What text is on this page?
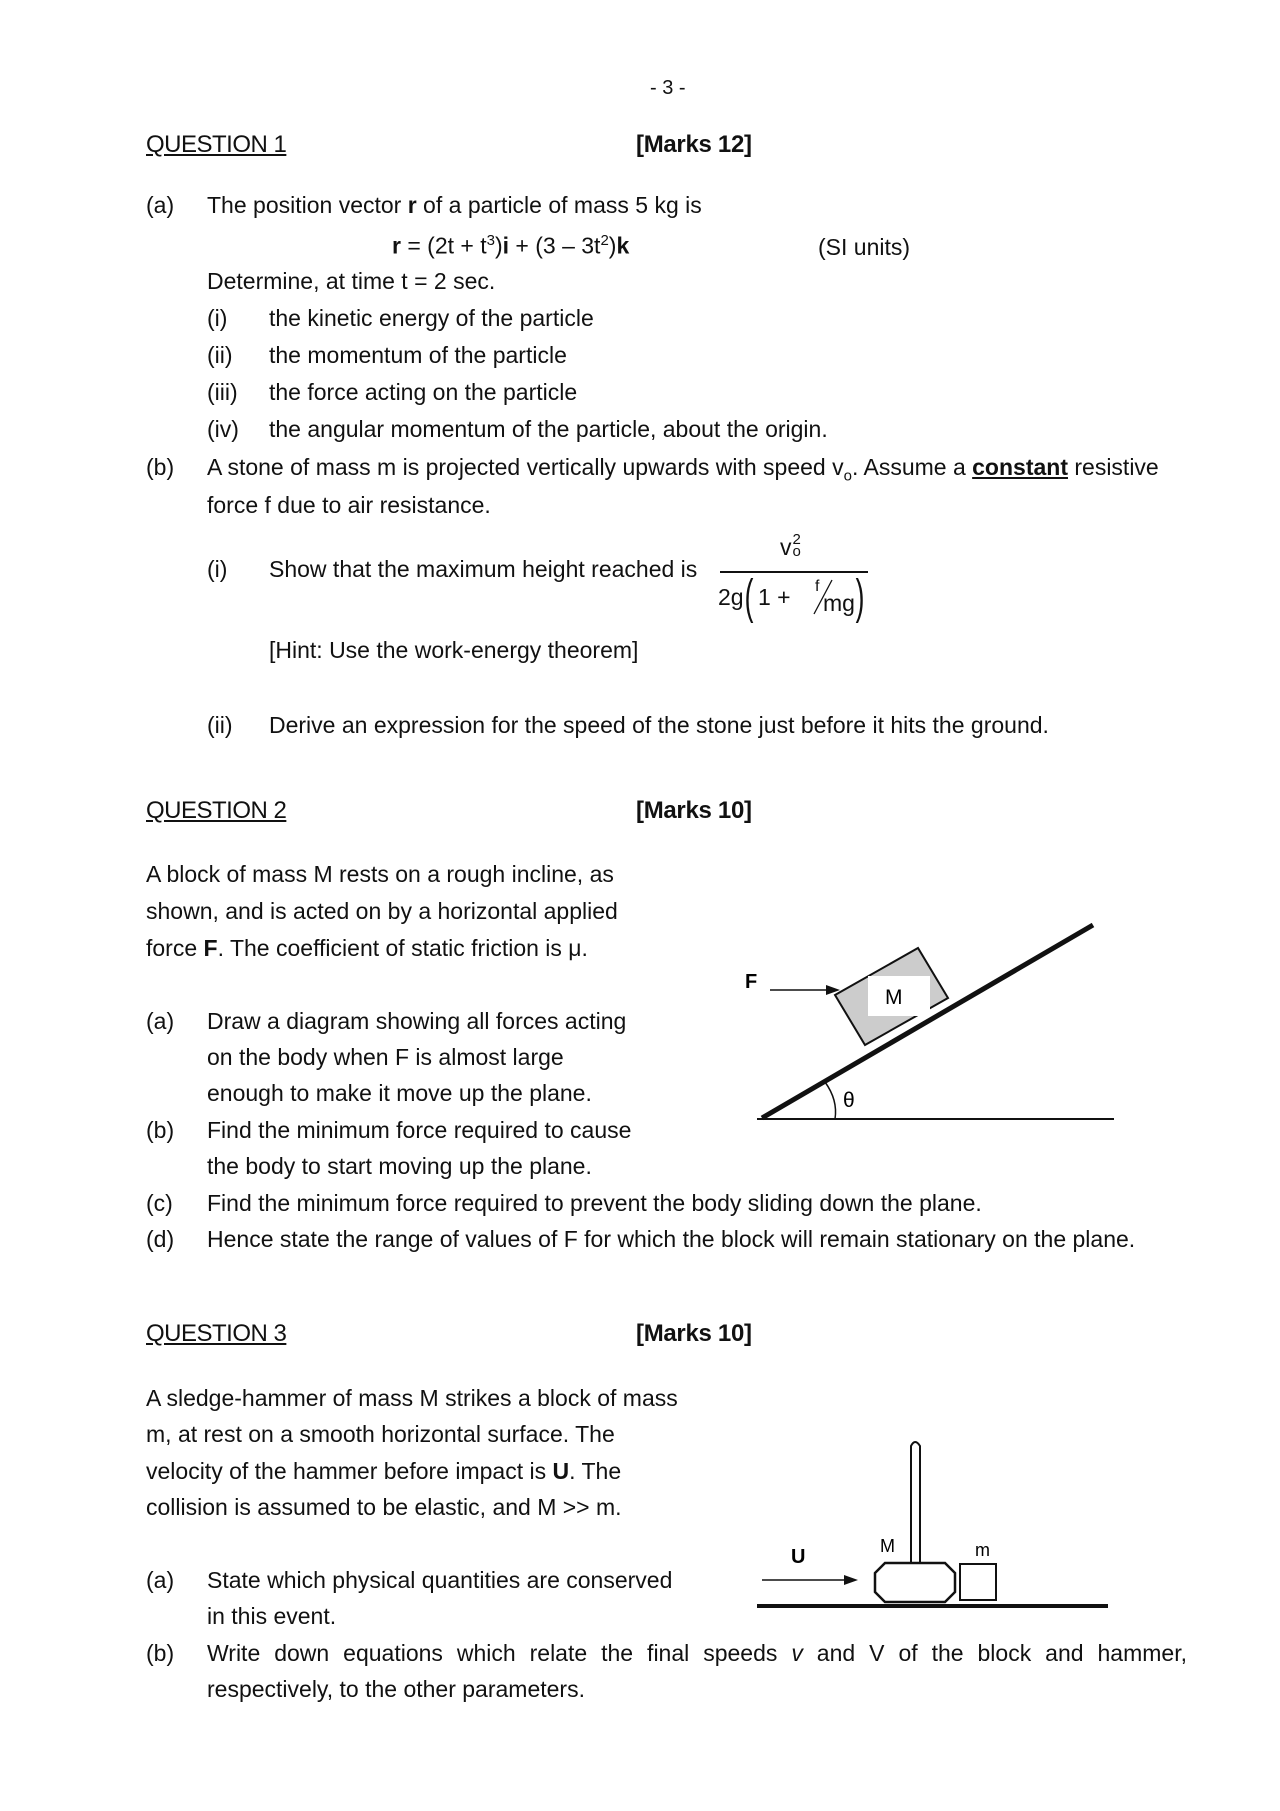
- 3 -
QUESTION 1	[Marks 12]
(a) The position vector r of a particle of mass 5 kg is
$r = (2t + t^3)i + (3 - 3t^2)k$	(SI units)
Determine, at time t = 2 sec.
(i) the kinetic energy of the particle
(ii) the momentum of the particle
(iii) the force acting on the particle
(iv) the angular momentum of the particle, about the origin.
(b) A stone of mass m is projected vertically upwards with speed $v_o$. Assume a constant resistive
force f due to air resistance.
(i) Show that the maximum height reached is
v 2
o
2g ( 1 + f
mg )
[Hint: Use the work-energy theorem]
(ii) Derive an expression for the speed of the stone just before it hits the ground.
QUESTION 2	[Marks 10]
A block of mass M rests on a rough incline, as
shown, and is acted on by a horizontal applied
force F. The coefficient of static friction is μ.
(a) Draw a diagram showing all forces acting
on the body when F is almost large
enough to make it move up the plane.
(b) Find the minimum force required to cause
the body to start moving up the plane.
(c) Find the minimum force required to prevent the body sliding down the plane.
(d) Hence state the range of values of F for which the block will remain stationary on the plane.
F
M
θ
QUESTION 3	[Marks 10]
A sledge-hammer of mass M strikes a block of mass
m, at rest on a smooth horizontal surface. The
velocity of the hammer before impact is U. The
collision is assumed to be elastic, and M >> m.
(a) State which physical quantities are conserved
in this event.
(b) Write down equations which relate the final speeds v and V of the block and hammer,
respectively, to the other parameters.
U	M	m
